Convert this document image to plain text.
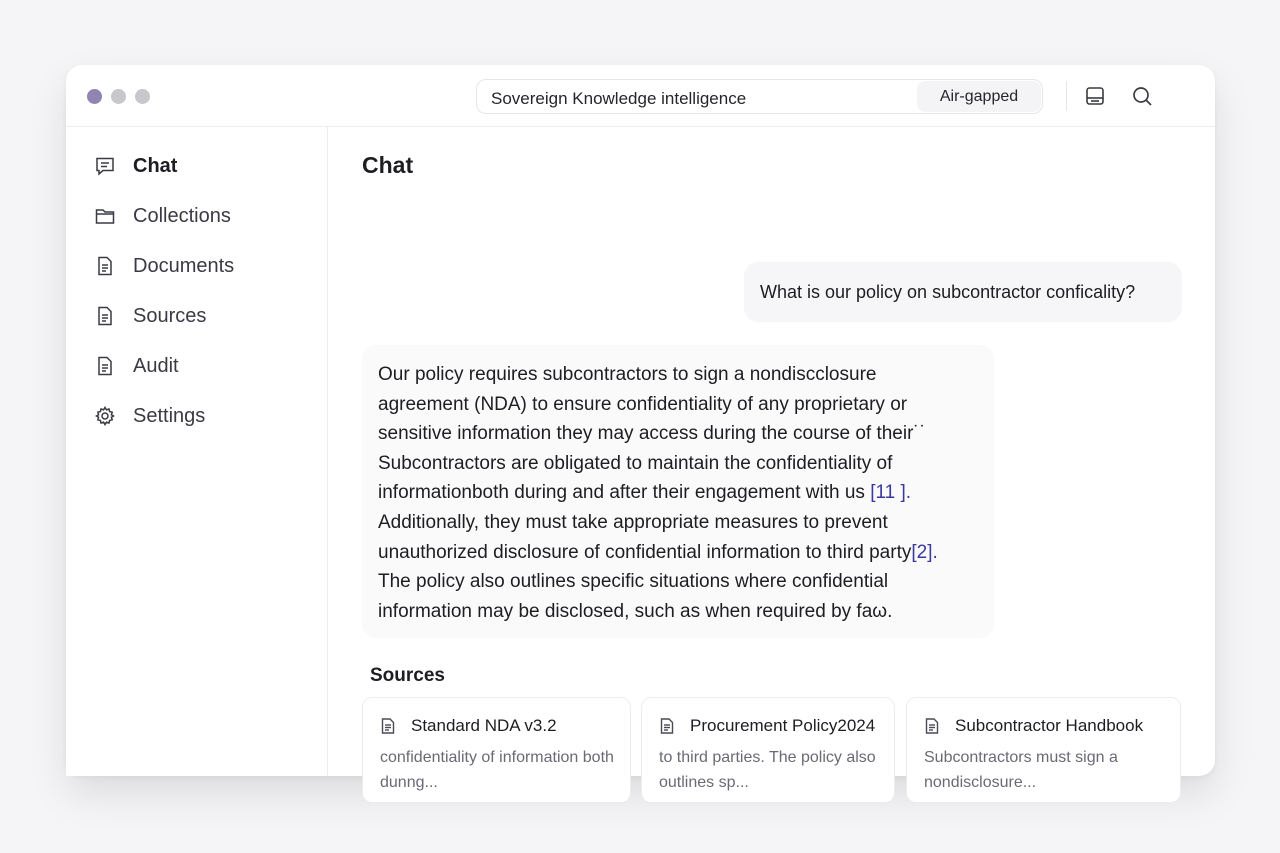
Sovereign Knowledge intelligence	Air-gapped
Chat
Collections
Documents
Sources
Audit
Settings
Chat
What is our policy on subcontractor conficality?
Our policy requires subcontractors to sign a nondiscclosure
agreement (NDA) to ensure confidentiality of any proprietary or
sensitive information they may access during the course of their˙˙
Subcontractors are obligated to maintain the confidentiality of
informationboth during and after their engagement with us [11 ].
Additionally, they must take appropriate measures to prevent
unauthorized disclosure of confidential information to third party[2].
The policy also outlines specific situations where confidential
information may be disclosed, such as when required by faω.
Sources
Standard NDA v3.2
confidentiality of information both dunng...
Procurement Policy2024
to third parties. The policy also outlines sp...
Subcontractor Handbook
Subcontractors must sign a nondisclosure...
